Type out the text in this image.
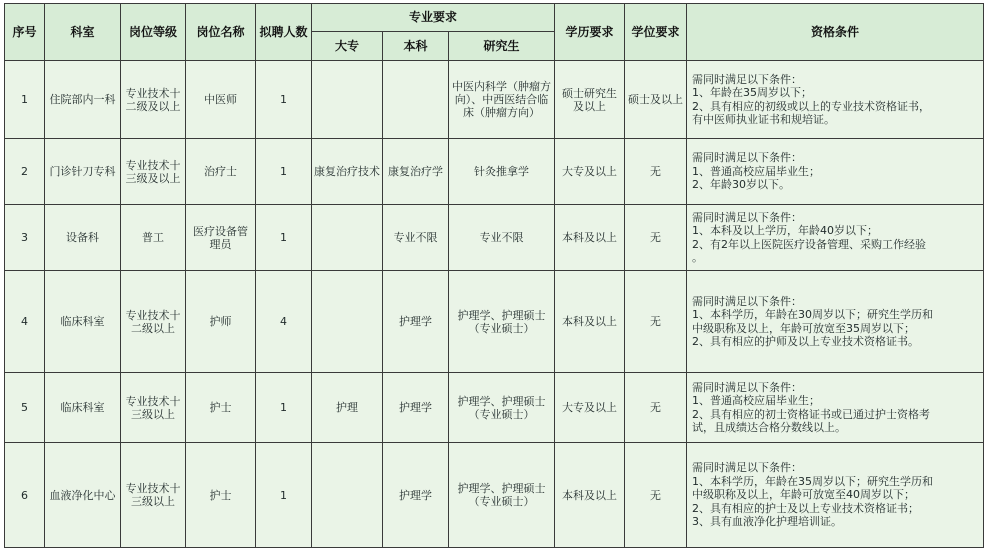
序号	科室	岗位等级	岗位名称	拟聘人数	专业要求			学历要求	学位要求	资格条件
					大专	本科	研究生			
1	住院部内一科	专业技术十二级及以上	中医师	1			中医内科学（肿瘤方向）、中西医结合临床（肿瘤方向）	硕士研究生及以上	硕士及以上	需同时满足以下条件：
1、年龄在35周岁以下；
2、具有相应的初级或以上的专业技术资格证书，
有中医师执业证书和规培证。

2	门诊针刀专科	专业技术十三级及以上	治疗士	1	康复治疗技术	康复治疗学	针灸推拿学	大专及以上	无	需同时满足以下条件：
1、普通高校应届毕业生；
2、年龄30岁以下。

3	设备科	普工	医疗设备管理员	1		专业不限	专业不限	本科及以上	无	需同时满足以下条件：
1、本科及以上学历，年龄40岁以下；
2、有2年以上医院医疗设备管理、采购工作经验
。

4	临床科室	专业技术十二级以上	护师	4		护理学	护理学、护理硕士（专业硕士）	本科及以上	无	需同时满足以下条件：
1、本科学历，年龄在30周岁以下；研究生学历和
中级职称及以上，年龄可放宽至35周岁以下；
2、具有相应的护师及以上专业技术资格证书。

5	临床科室	专业技术十三级以上	护士	1	护理	护理学	护理学、护理硕士（专业硕士）	大专及以上	无	需同时满足以下条件：
1、普通高校应届毕业生；
2、具有相应的初士资格证书或已通过护士资格考
试，且成绩达合格分数线以上。

6	血液净化中心	专业技术十三级以上	护士	1		护理学	护理学、护理硕士（专业硕士）	本科及以上	无	需同时满足以下条件：
1、本科学历，年龄在35周岁以下；研究生学历和
中级职称及以上，年龄可放宽至40周岁以下；
2、具有相应的护士及以上专业技术资格证书；
3、具有血液净化护理培训证。
